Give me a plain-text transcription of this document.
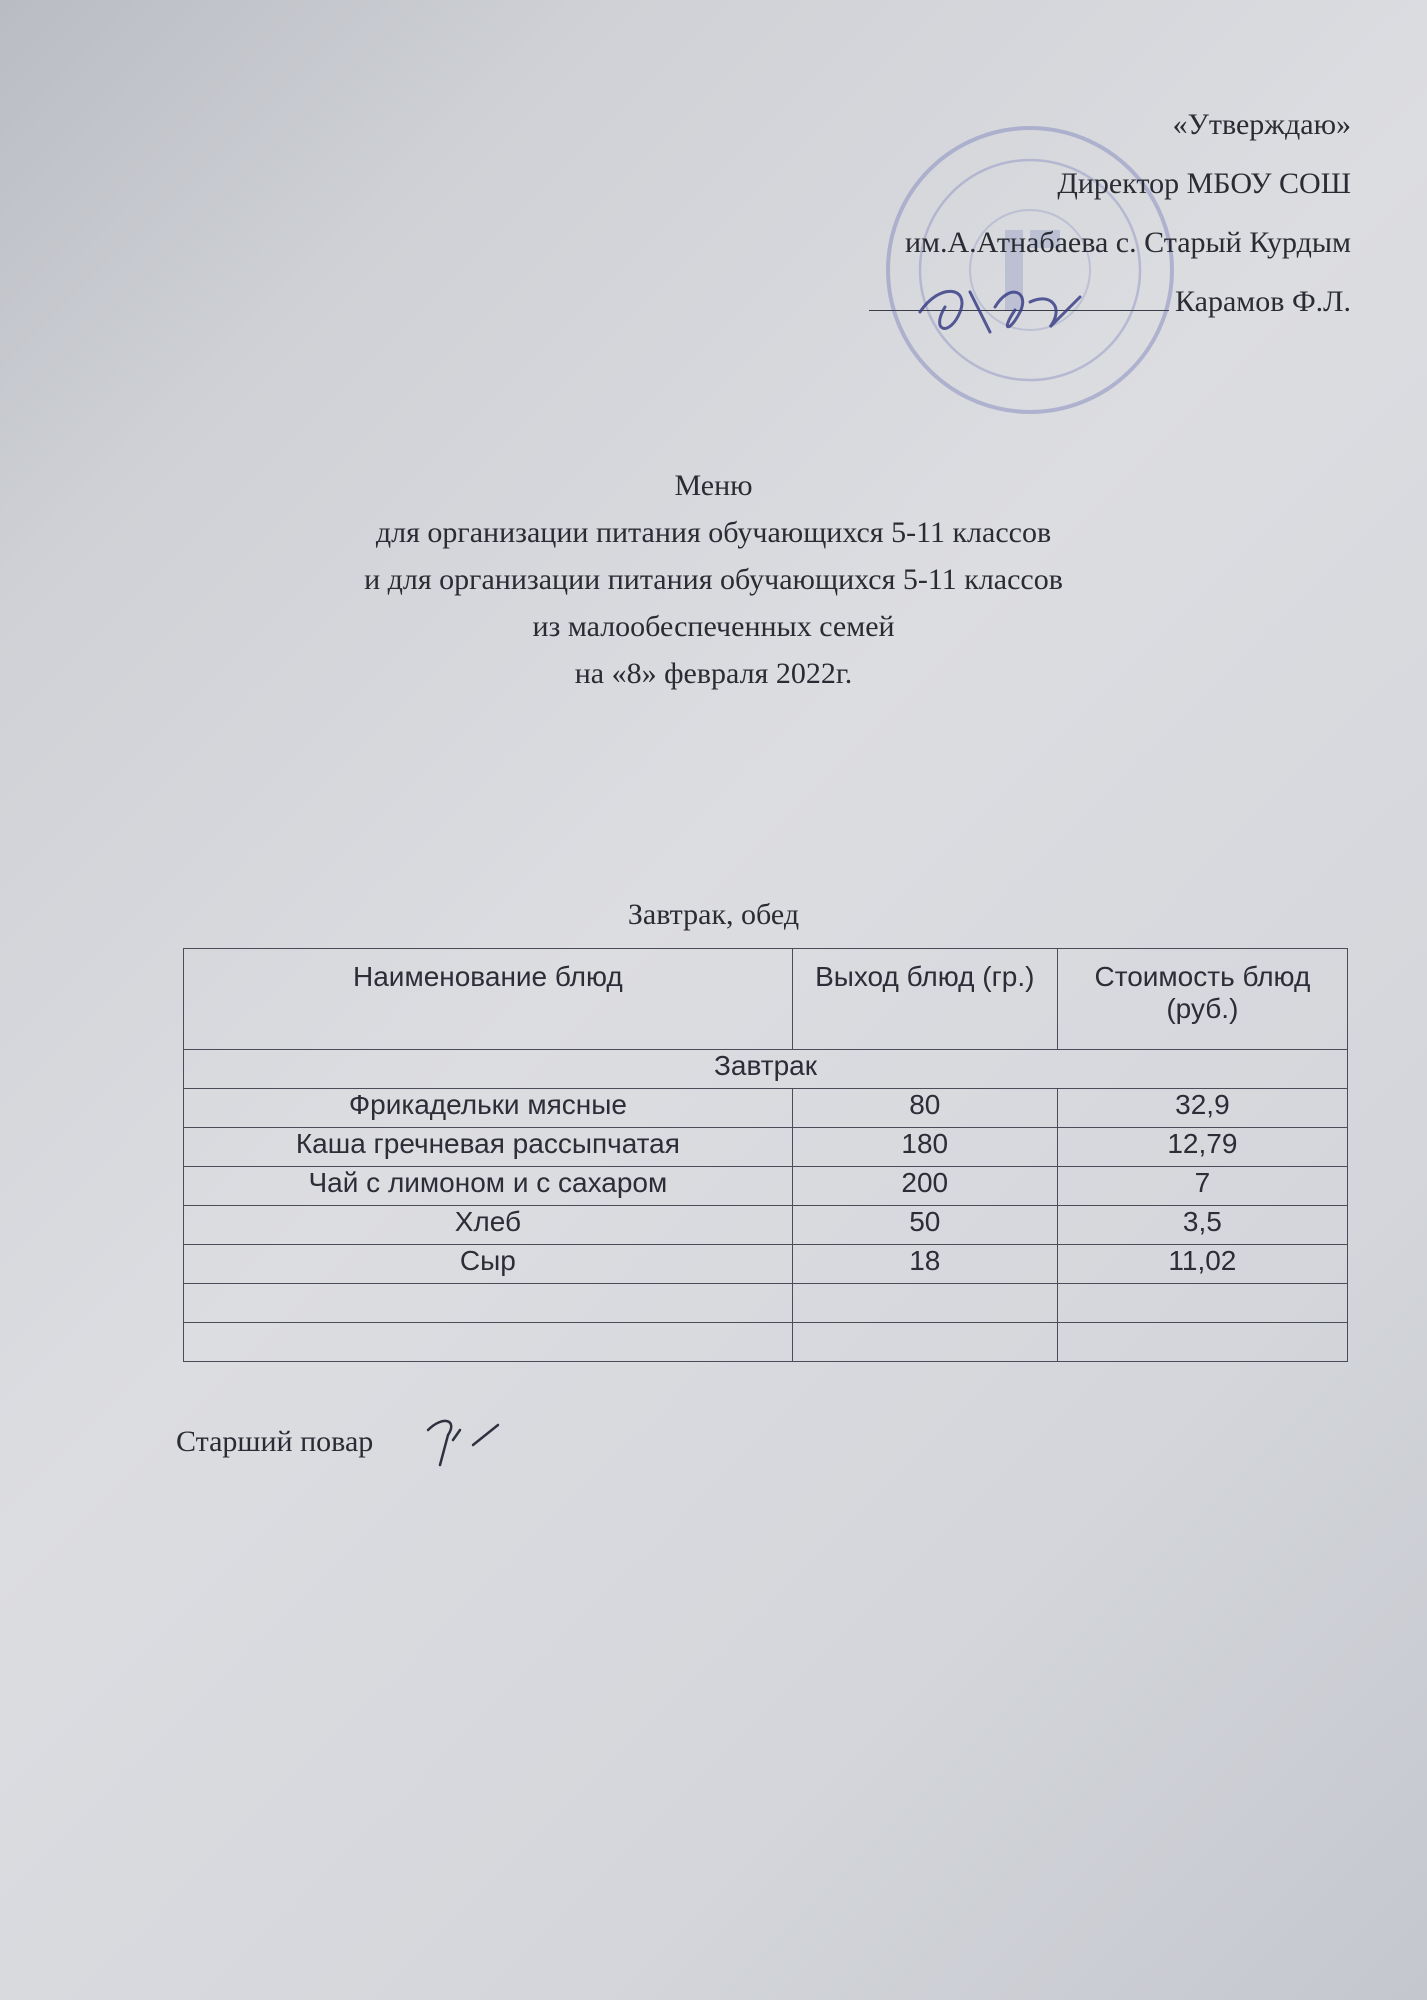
«Утверждаю»
Директор МБОУ СОШ
им.А.Атнабаева с. Старый Курдым
Карамов Ф.Л.
Меню
для организации питания обучающихся 5-11 классов
и для организации питания обучающихся 5-11 классов
из малообеспеченных семей
на «8» февраля 2022г.
Завтрак, обед
Наименование блюд	Выход блюд (гр.)	Стоимость блюд (руб.)
Завтрак		
Фрикадельки мясные	80	32,9
Каша гречневая рассыпчатая	180	12,79
Чай с лимоном и с сахаром	200	7
Хлеб	50	3,5
Сыр	18	11,02

Старший повар
